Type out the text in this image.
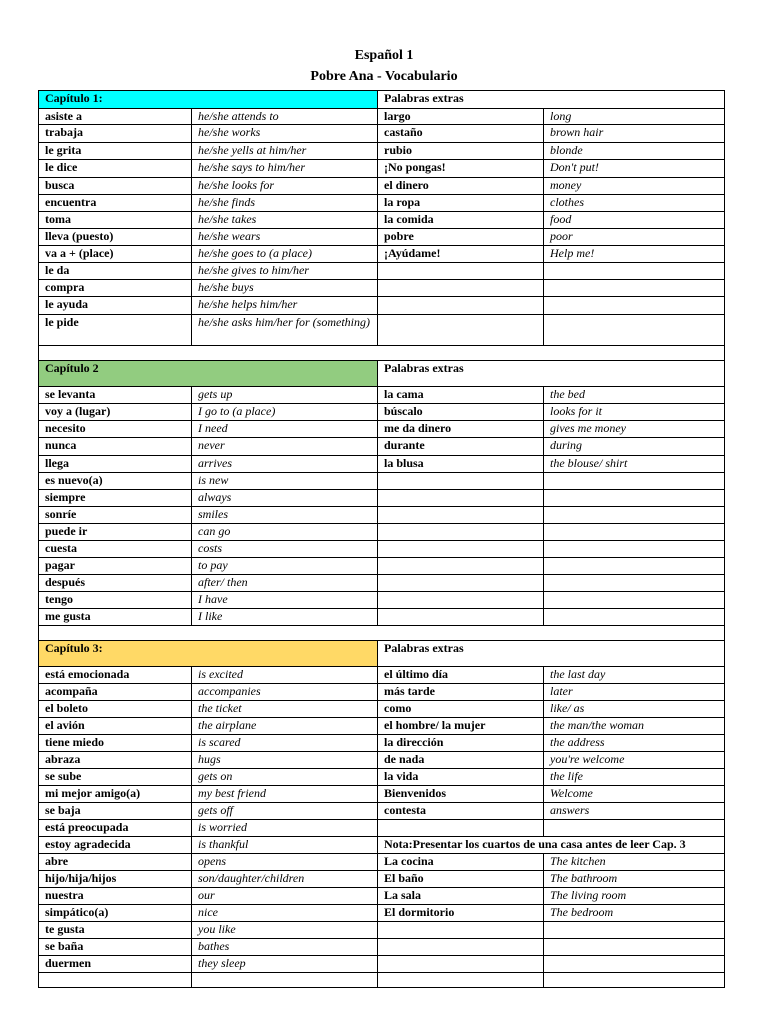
Español 1
Pobre Ana - Vocabulario
Capítulo 1:		Palabras extras	
asiste a	he/she attends to	largo	long
trabaja	he/she works	castaño	brown hair
le grita	he/she yells at him/her	rubio	blonde
le dice	he/she says to him/her	¡No pongas!	Don't put!
busca	he/she looks for	el dinero	money
encuentra	he/she finds	la ropa	clothes
toma	he/she takes	la comida	food
lleva (puesto)	he/she wears	pobre	poor
va a + (place)	he/she goes to (a place)	¡Ayúdame!	Help me!
le da	he/she gives to him/her		
compra	he/she buys		
le ayuda	he/she helps him/her		
le pide	he/she asks him/her for (something)		

Capítulo 2		Palabras extras	
se levanta	gets up	la cama	the bed
voy a (lugar)	I go to (a place)	búscalo	looks for it
necesito	I need	me da dinero	gives me money
nunca	never	durante	during
llega	arrives	la blusa	the blouse/ shirt
es nuevo(a)	is new		
siempre	always		
sonríe	smiles		
puede ir	can go		
cuesta	costs		
pagar	to pay		
después	after/ then		
tengo	I have		
me gusta	I like		

Capítulo 3:		Palabras extras	
está emocionada	is excited	el último día	the last day
acompaña	accompanies	más tarde	later
el boleto	the ticket	como	like/ as
el avión	the airplane	el hombre/ la mujer	the man/the woman
tiene miedo	is scared	la dirección	the address
abraza	hugs	de nada	you're welcome
se sube	gets on	la vida	the life
mi mejor amigo(a)	my best friend	Bienvenidos	Welcome
se baja	gets off	contesta	answers
está preocupada	is worried		
estoy agradecida	is thankful	Nota:Presentar los cuartos de una casa antes de leer Cap. 3	
abre	opens	La cocina	The kitchen
hijo/hija/hijos	son/daughter/children	El baño	The bathroom
nuestra	our	La sala	The living room
simpático(a)	nice	El dormitorio	The bedroom
te gusta	you like		
se baña	bathes		
duermen	they sleep		
